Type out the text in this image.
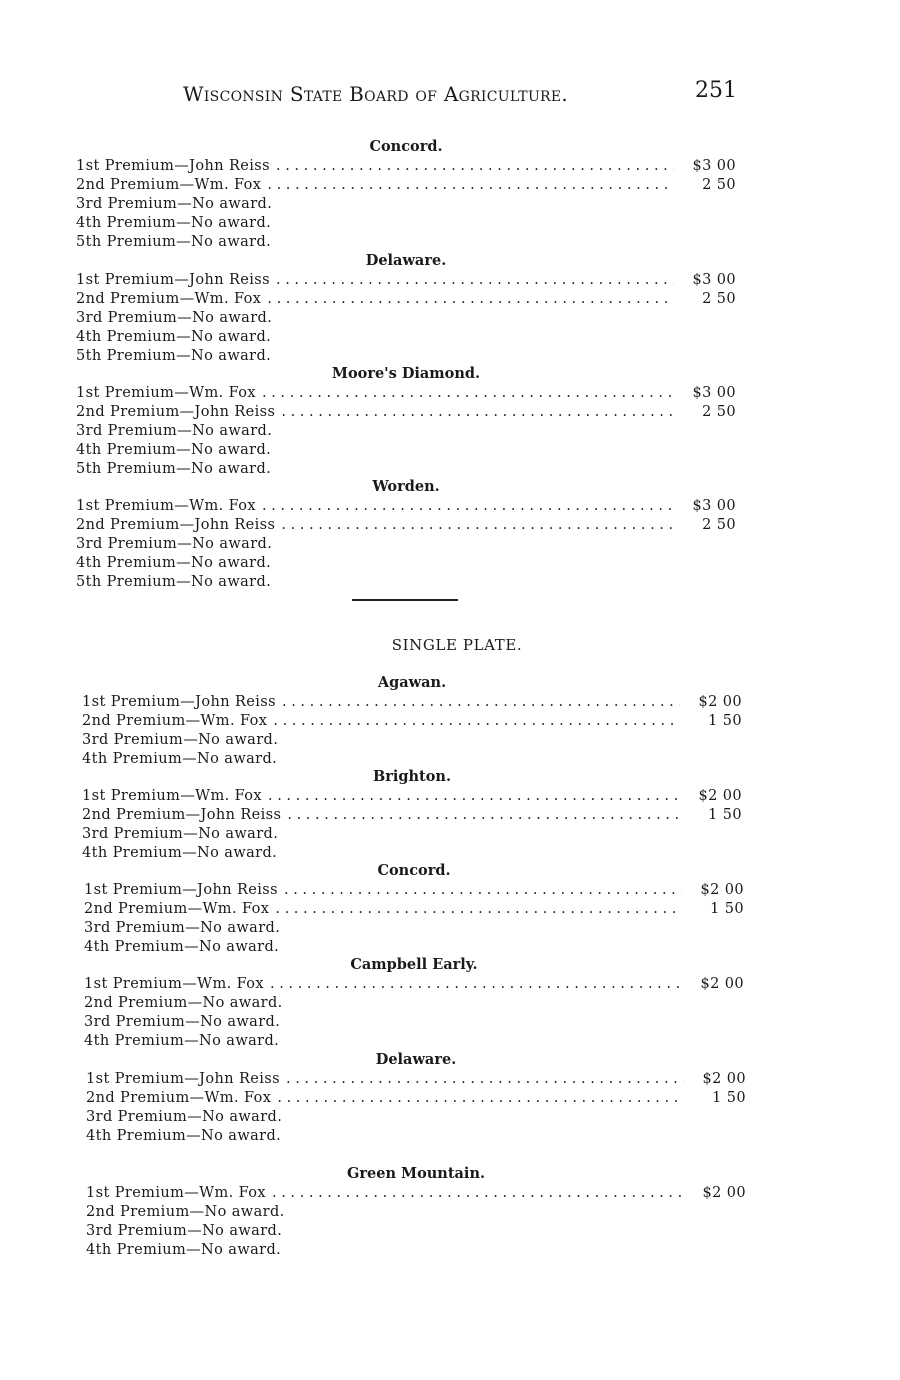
Wisconsin State Board of Agriculture.	251
Concord.
1st Premium—John Reiss . . .	$3 00
2nd Premium—Wm. Fox . . .	2 50
3rd Premium—No award.
4th Premium—No award.
5th Premium—No award.
Delaware.
1st Premium—John Reiss . . .	$3 00
2nd Premium—Wm. Fox . . .	2 50
3rd Premium—No award.
4th Premium—No award.
5th Premium—No award.
Moore's Diamond.
1st Premium—Wm. Fox . . .	$3 00
2nd Premium—John Reiss . . .	2 50
3rd Premium—No award.
4th Premium—No award.
5th Premium—No award.
Worden.
1st Premium—Wm. Fox . . .	$3 00
2nd Premium—John Reiss . . .	2 50
3rd Premium—No award.
4th Premium—No award.
5th Premium—No award.
SINGLE PLATE.
Agawan.
1st Premium—John Reiss . . .	$2 00
2nd Premium—Wm. Fox . . .	1 50
3rd Premium—No award.
4th Premium—No award.
Brighton.
1st Premium—Wm. Fox . . .	$2 00
2nd Premium—John Reiss . . .	1 50
3rd Premium—No award.
4th Premium—No award.
Concord.
1st Premium—John Reiss . . .	$2 00
2nd Premium—Wm. Fox . . .	1 50
3rd Premium—No award.
4th Premium—No award.
Campbell Early.
1st Premium—Wm. Fox . . .	$2 00
2nd Premium—No award.
3rd Premium—No award.
4th Premium—No award.
Delaware.
1st Premium—John Reiss . . .	$2 00
2nd Premium—Wm. Fox . . .	1 50
3rd Premium—No award.
4th Premium—No award.
Green Mountain.
1st Premium—Wm. Fox . . .	$2 00
2nd Premium—No award.
3rd Premium—No award.
4th Premium—No award.
